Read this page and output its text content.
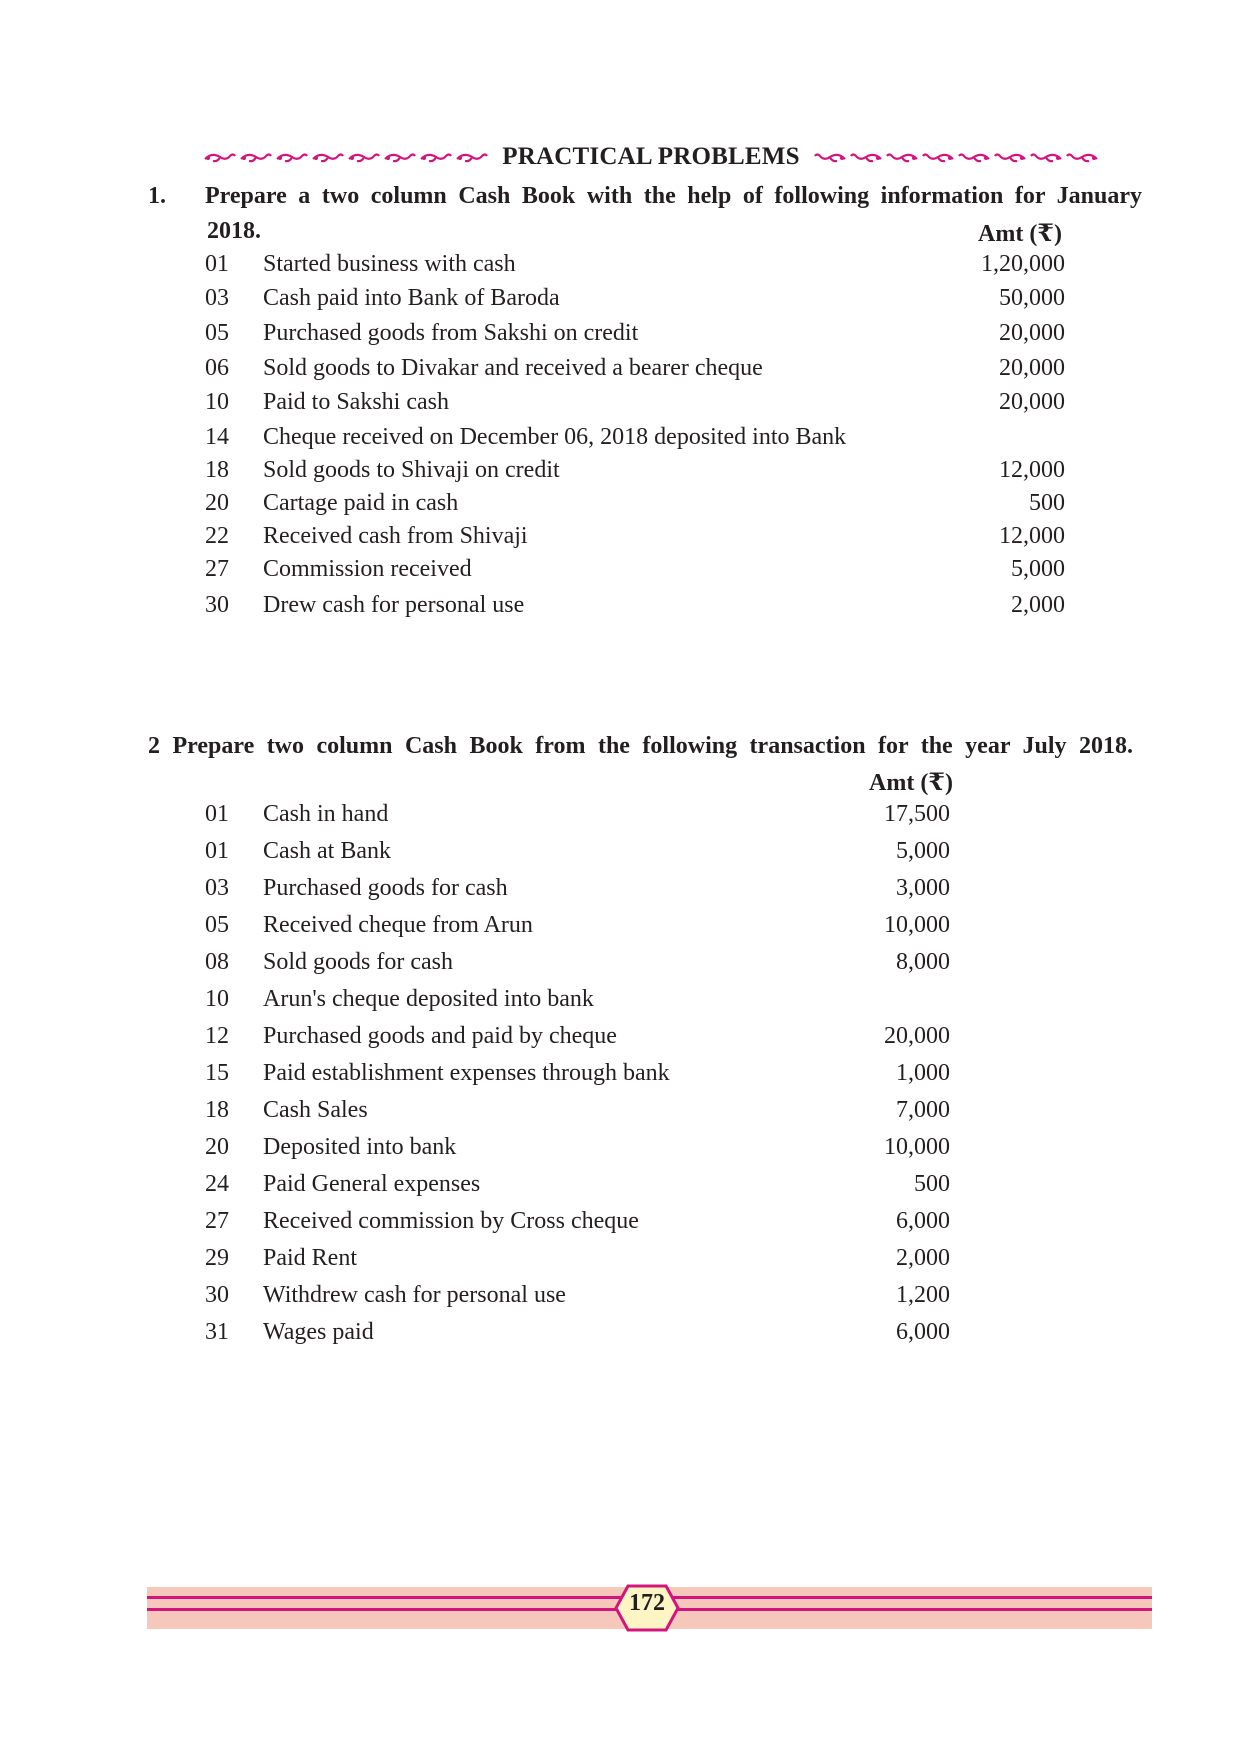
PRACTICAL PROBLEMS
1. Prepare a two column Cash Book with the help of following information for January
2018.	Amt (₹)
01 Started business with cash	1,20,000
03 Cash paid into Bank of Baroda	50,000
05 Purchased goods from Sakshi on credit	20,000
06 Sold goods to Divakar and received a bearer cheque	20,000
10 Paid to Sakshi cash	20,000
14 Cheque received on December 06, 2018 deposited into Bank
18 Sold goods to Shivaji on credit	12,000
20 Cartage paid in cash	500
22 Received cash from Shivaji	12,000
27 Commission received	5,000
30 Drew cash for personal use	2,000
2 Prepare two column Cash Book from the following transaction for the year July 2018.
Amt (₹)
01 Cash in hand	17,500
01 Cash at Bank	5,000
03 Purchased goods for cash	3,000
05 Received cheque from Arun	10,000
08 Sold goods for cash	8,000
10 Arun's cheque deposited into bank
12 Purchased goods and paid by cheque	20,000
15 Paid establishment expenses through bank	1,000
18 Cash Sales	7,000
20 Deposited into bank	10,000
24 Paid General expenses	500
27 Received commission by Cross cheque	6,000
29 Paid Rent	2,000
30 Withdrew cash for personal use	1,200
31 Wages paid	6,000
172
